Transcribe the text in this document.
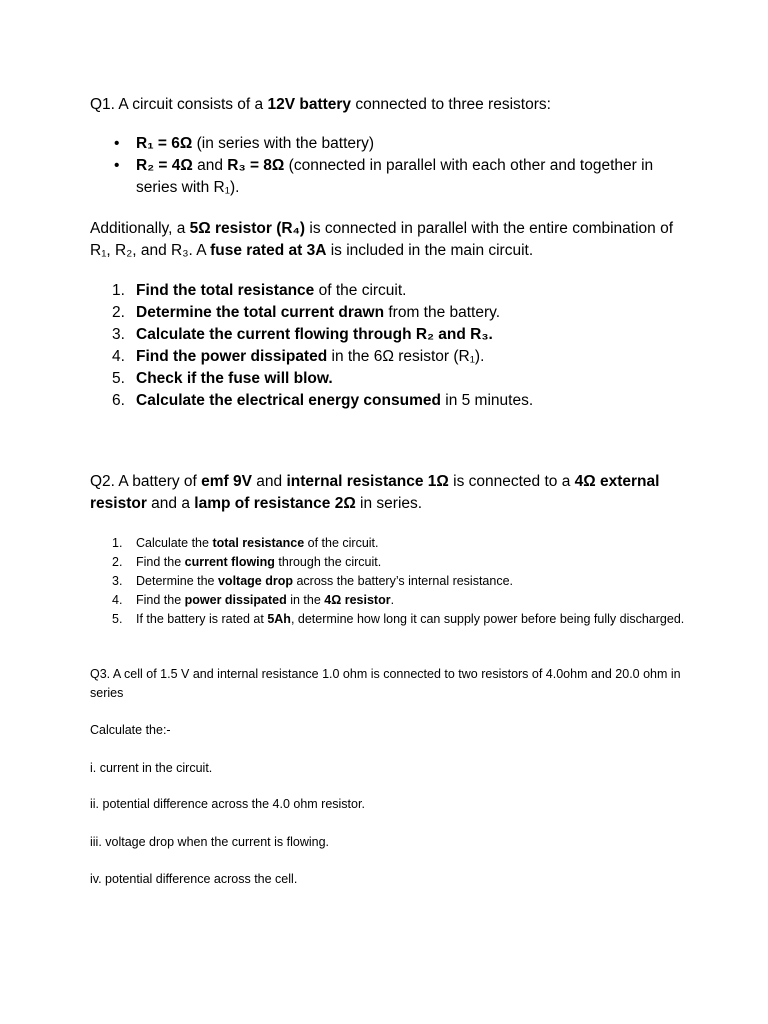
Q1. A circuit consists of a 12V battery connected to three resistors:

• R₁ = 6Ω (in series with the battery)
• R₂ = 4Ω and R₃ = 8Ω (connected in parallel with each other and together in series with R₁).

Additionally, a 5Ω resistor (R₄) is connected in parallel with the entire combination of R₁, R₂, and R₃. A fuse rated at 3A is included in the main circuit.

1. Find the total resistance of the circuit.
2. Determine the total current drawn from the battery.
3. Calculate the current flowing through R₂ and R₃.
4. Find the power dissipated in the 6Ω resistor (R₁).
5. Check if the fuse will blow.
6. Calculate the electrical energy consumed in 5 minutes.

Q2. A battery of emf 9V and internal resistance 1Ω is connected to a 4Ω external resistor and a lamp of resistance 2Ω in series.

1. Calculate the total resistance of the circuit.
2. Find the current flowing through the circuit.
3. Determine the voltage drop across the battery’s internal resistance.
4. Find the power dissipated in the 4Ω resistor.
5. If the battery is rated at 5Ah, determine how long it can supply power before being fully discharged.

Q3. A cell of 1.5 V and internal resistance 1.0 ohm is connected to two resistors of 4.0ohm and 20.0 ohm in series

Calculate the:-

i. current in the circuit.

ii. potential difference across the 4.0 ohm resistor.

iii. voltage drop when the current is flowing.

iv. potential difference across the cell.
